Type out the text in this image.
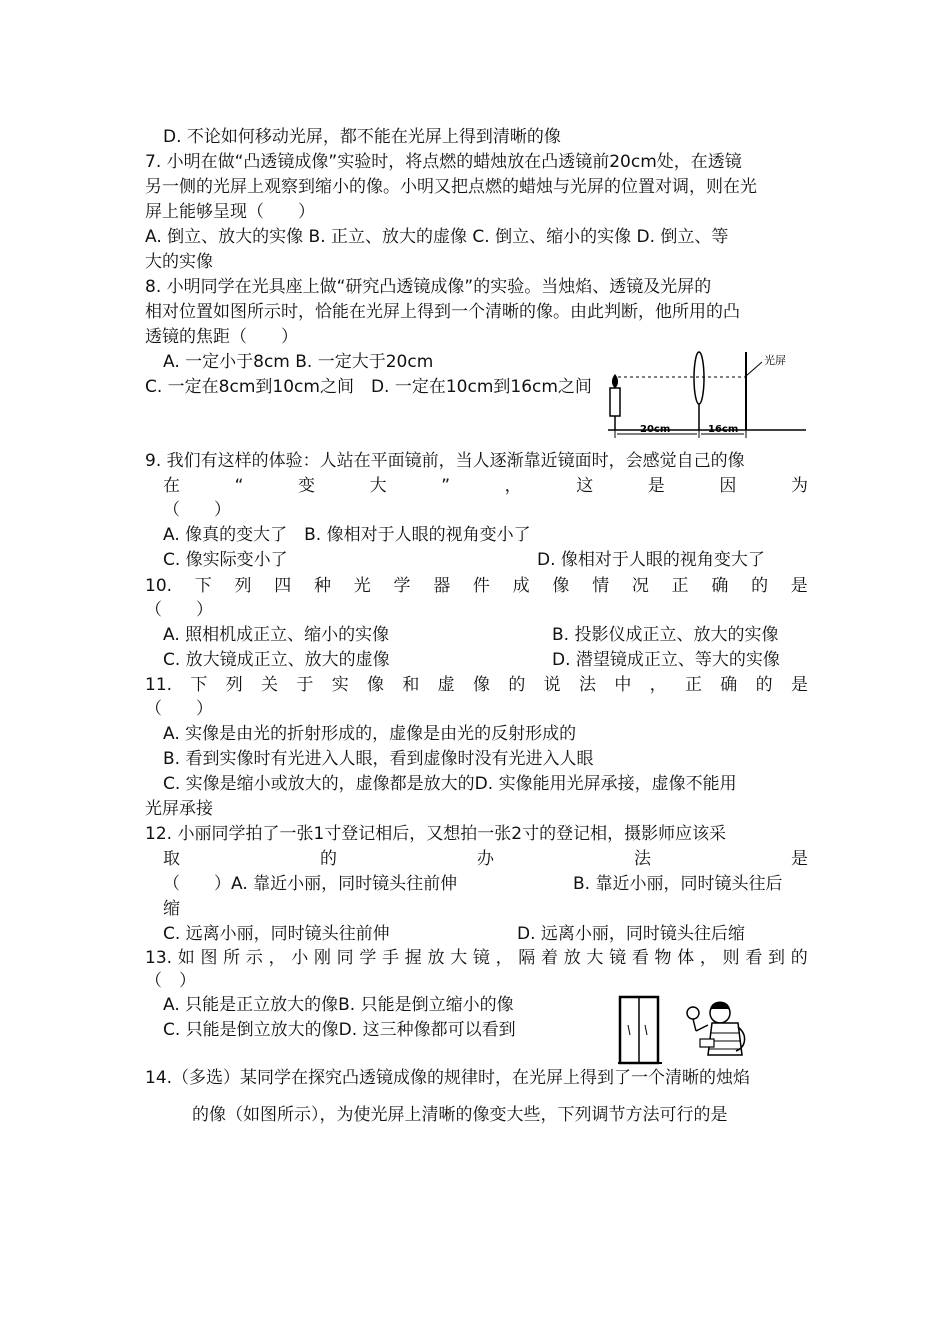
D. 不论如何移动光屏，都不能在光屏上得到清晰的像
7. 小明在做“凸透镜成像”实验时，将点燃的蜡烛放在凸透镜前20cm处，在透镜
另一侧的光屏上观察到缩小的像。小明又把点燃的蜡烛与光屏的位置对调，则在光
屏上能够呈现（　　）
A. 倒立、放大的实像 B. 正立、放大的虚像 C. 倒立、缩小的实像 D. 倒立、等
大的实像
8. 小明同学在光具座上做“研究凸透镜成像”的实验。当烛焰、透镜及光屏的
相对位置如图所示时，恰能在光屏上得到一个清晰的像。由此判断，他所用的凸
透镜的焦距（　　）
A. 一定小于8cm B. 一定大于20cm
C. 一定在8cm到10cm之间　D. 一定在10cm到16cm之间
光屏
20cm	16cm
9. 我们有这样的体验：人站在平面镜前，当人逐渐靠近镜面时，会感觉自己的像
在	“	变	大	”	，	这	是	因	为
（　　）
A. 像真的变大了　B. 像相对于人眼的视角变小了
C. 像实际变小了	D. 像相对于人眼的视角变大了
10. 下 列 四 种 光 学 器 件 成 像 情 况 正 确 的 是
（　　）
A. 照相机成正立、缩小的实像	B. 投影仪成正立、放大的实像
C. 放大镜成正立、放大的虚像	D. 潜望镜成正立、等大的实像
11. 下 列 关 于 实 像 和 虚 像 的 说 法 中 ， 正 确 的 是
（　　）
A. 实像是由光的折射形成的，虚像是由光的反射形成的
B. 看到实像时有光进入人眼，看到虚像时没有光进入人眼
C. 实像是缩小或放大的，虚像都是放大的D. 实像能用光屏承接，虚像不能用
光屏承接
12. 小丽同学拍了一张1寸登记相后，又想拍一张2寸的登记相，摄影师应该采
取	的	办	法	是
（　　）A. 靠近小丽，同时镜头往前伸	B. 靠近小丽，同时镜头往后
缩
C. 远离小丽，同时镜头往前伸	D. 远离小丽，同时镜头往后缩
13. 如 图 所 示 ， 小 刚 同 学 手 握 放 大 镜 ， 隔 着 放 大 镜 看 物 体 ， 则 看 到 的
（　）
A. 只能是正立放大的像B. 只能是倒立缩小的像
C. 只能是倒立放大的像D. 这三种像都可以看到
14.（多选）某同学在探究凸透镜成像的规律时，在光屏上得到了一个清晰的烛焰
的像（如图所示），为使光屏上清晰的像变大些，下列调节方法可行的是
